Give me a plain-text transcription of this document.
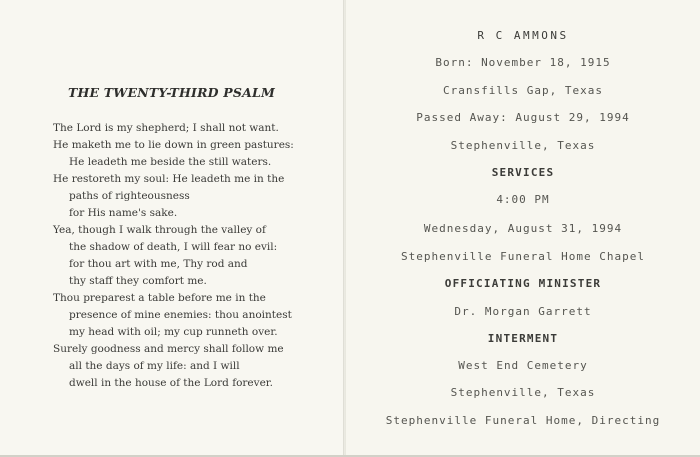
THE TWENTY-THIRD PSALM
The Lord is my shepherd; I shall not want.
He maketh me to lie down in green pastures:
He leadeth me beside the still waters.
He restoreth my soul: He leadeth me in the
paths of righteousness
for His name's sake.
Yea, though I walk through the valley of
the shadow of death, I will fear no evil:
for thou art with me, Thy rod and
thy staff they comfort me.
Thou preparest a table before me in the
presence of mine enemies: thou anointest
my head with oil; my cup runneth over.
Surely goodness and mercy shall follow me
all the days of my life: and I will
dwell in the house of the Lord forever.

R C AMMONS

Born: November 18, 1915

Cransfills Gap, Texas

Passed Away: August 29, 1994

Stephenville, Texas

SERVICES

4:00 PM

Wednesday, August 31, 1994

Stephenville Funeral Home Chapel

OFFICIATING MINISTER

Dr. Morgan Garrett

INTERMENT

West End Cemetery

Stephenville, Texas

Stephenville Funeral Home, Directing
